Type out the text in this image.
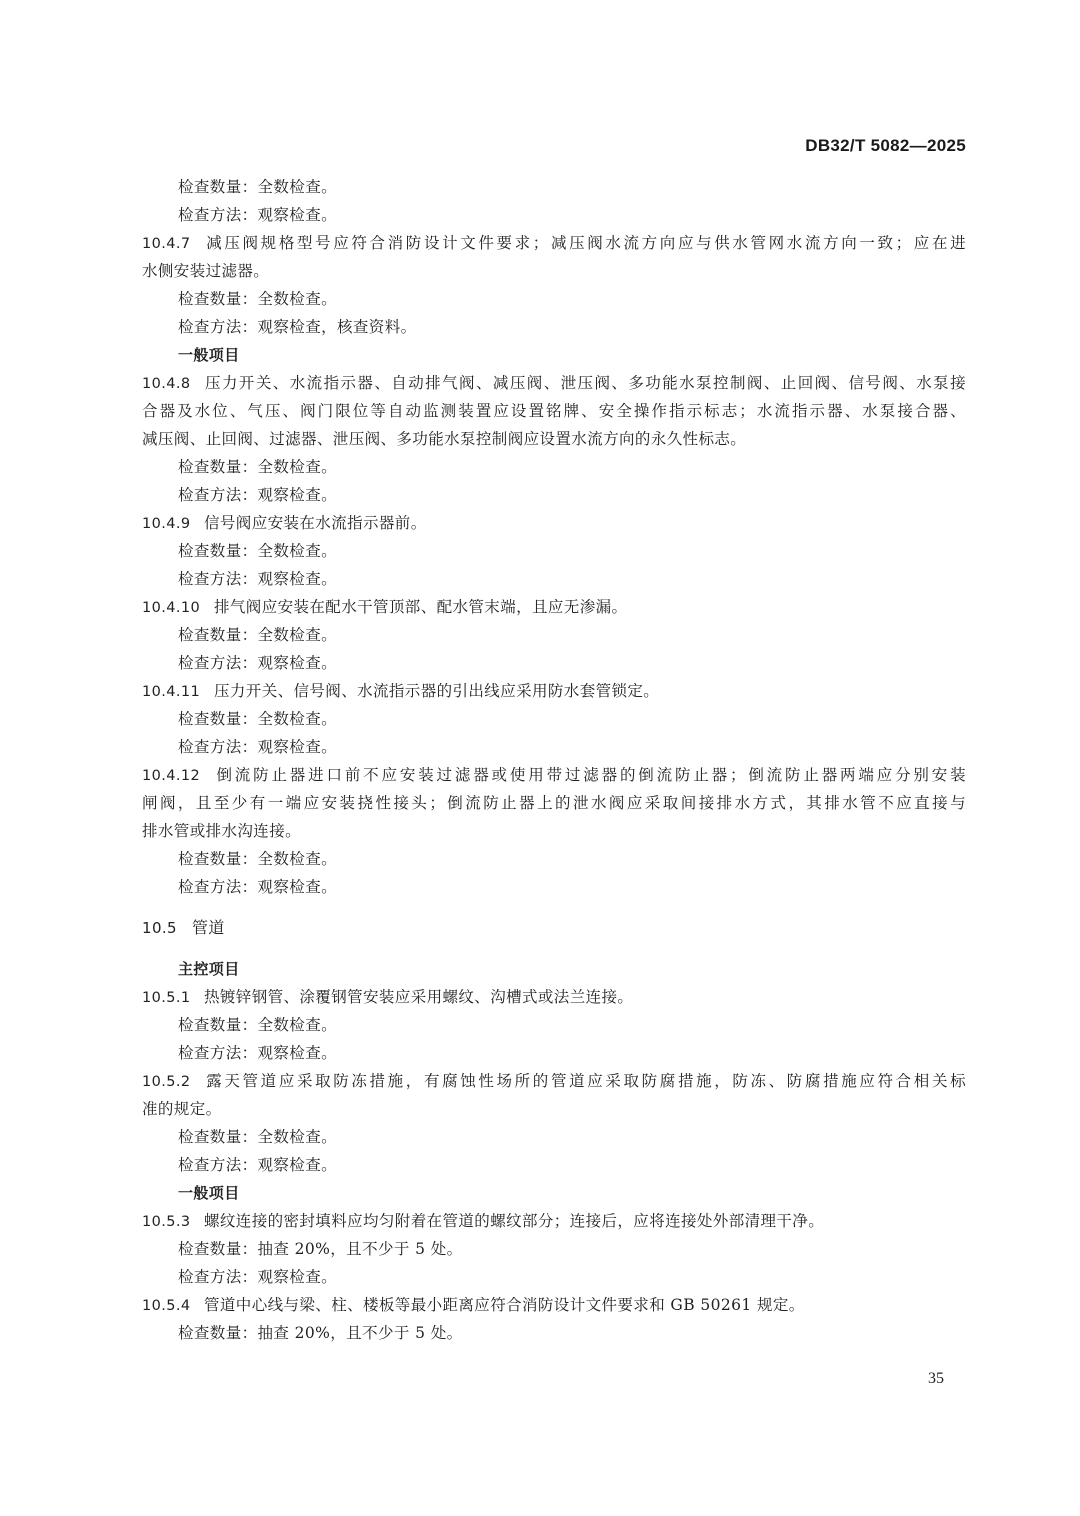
DB32/T 5082—2025
检查数量：全数检查。
检查方法：观察检查。
10.4.7 减压阀规格型号应符合消防设计文件要求；减压阀水流方向应与供水管网水流方向一致；应在进
水侧安装过滤器。
检查数量：全数检查。
检查方法：观察检查，核查资料。
一般项目
10.4.8 压力开关、水流指示器、自动排气阀、减压阀、泄压阀、多功能水泵控制阀、止回阀、信号阀、水泵接
合器及水位、气压、阀门限位等自动监测装置应设置铭牌、安全操作指示标志；水流指示器、水泵接合器、
减压阀、止回阀、过滤器、泄压阀、多功能水泵控制阀应设置水流方向的永久性标志。
检查数量：全数检查。
检查方法：观察检查。
10.4.9 信号阀应安装在水流指示器前。
检查数量：全数检查。
检查方法：观察检查。
10.4.10 排气阀应安装在配水干管顶部、配水管末端，且应无渗漏。
检查数量：全数检查。
检查方法：观察检查。
10.4.11 压力开关、信号阀、水流指示器的引出线应采用防水套管锁定。
检查数量：全数检查。
检查方法：观察检查。
10.4.12 倒流防止器进口前不应安装过滤器或使用带过滤器的倒流防止器；倒流防止器两端应分别安装
闸阀，且至少有一端应安装挠性接头；倒流防止器上的泄水阀应采取间接排水方式，其排水管不应直接与
排水管或排水沟连接。
检查数量：全数检查。
检查方法：观察检查。
10.5 管道
主控项目
10.5.1 热镀锌钢管、涂覆钢管安装应采用螺纹、沟槽式或法兰连接。
检查数量：全数检查。
检查方法：观察检查。
10.5.2 露天管道应采取防冻措施，有腐蚀性场所的管道应采取防腐措施，防冻、防腐措施应符合相关标
准的规定。
检查数量：全数检查。
检查方法：观察检查。
一般项目
10.5.3 螺纹连接的密封填料应均匀附着在管道的螺纹部分；连接后，应将连接处外部清理干净。
检查数量：抽查 20%，且不少于 5 处。
检查方法：观察检查。
10.5.4 管道中心线与梁、柱、楼板等最小距离应符合消防设计文件要求和 GB 50261 规定。
检查数量：抽查 20%，且不少于 5 处。
35
